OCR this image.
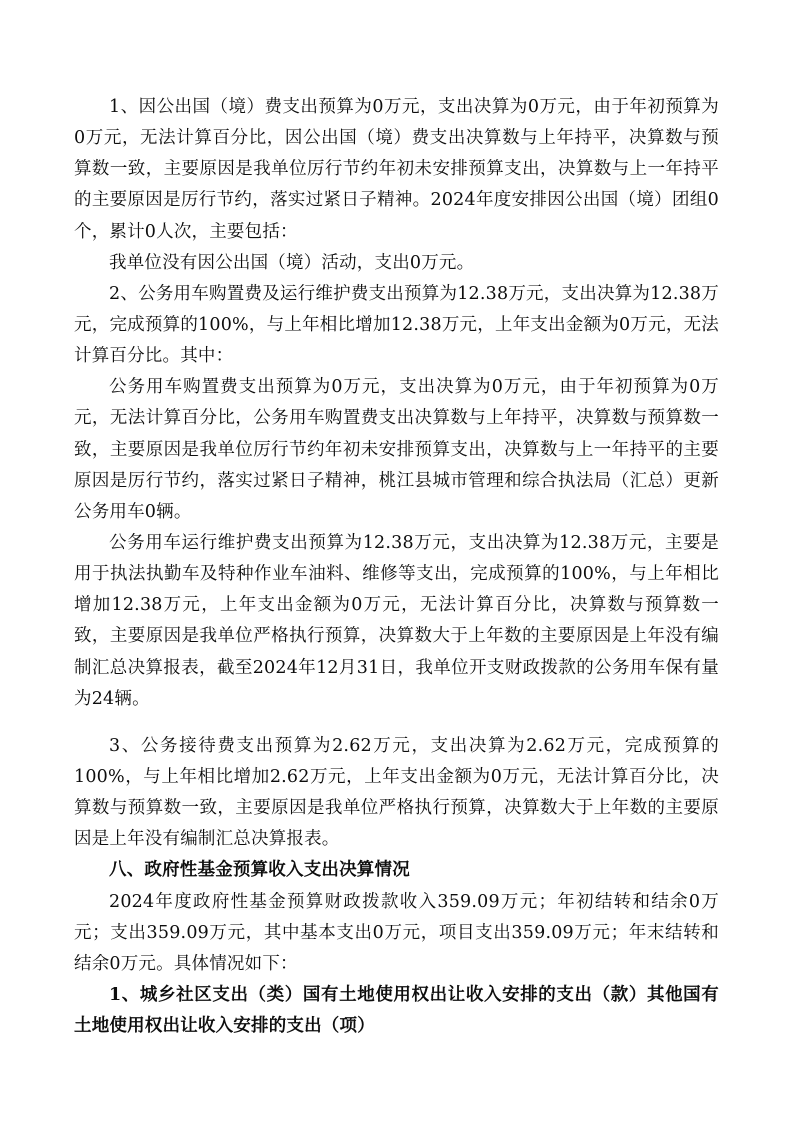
1、因公出国（境）费支出预算为0万元，支出决算为0万元，由于年初预算为0万元，无法计算百分比，因公出国（境）费支出决算数与上年持平，决算数与预算数一致，主要原因是我单位厉行节约年初未安排预算支出，决算数与上一年持平的主要原因是厉行节约，落实过紧日子精神。2024年度安排因公出国（境）团组0个，累计0人次，主要包括：

我单位没有因公出国（境）活动，支出0万元。

2、公务用车购置费及运行维护费支出预算为12.38万元，支出决算为12.38万元，完成预算的100%，与上年相比增加12.38万元，上年支出金额为0万元，无法计算百分比。其中：

公务用车购置费支出预算为0万元，支出决算为0万元，由于年初预算为0万元，无法计算百分比，公务用车购置费支出决算数与上年持平，决算数与预算数一致，主要原因是我单位厉行节约年初未安排预算支出，决算数与上一年持平的主要原因是厉行节约，落实过紧日子精神，桃江县城市管理和综合执法局（汇总）更新公务用车0辆。

公务用车运行维护费支出预算为12.38万元，支出决算为12.38万元，主要是用于执法执勤车及特种作业车油料、维修等支出，完成预算的100%，与上年相比增加12.38万元，上年支出金额为0万元，无法计算百分比，决算数与预算数一致，主要原因是我单位严格执行预算，决算数大于上年数的主要原因是上年没有编制汇总决算报表，截至2024年12月31日，我单位开支财政拨款的公务用车保有量为24辆。

3、公务接待费支出预算为2.62万元，支出决算为2.62万元，完成预算的100%，与上年相比增加2.62万元，上年支出金额为0万元，无法计算百分比，决算数与预算数一致，主要原因是我单位严格执行预算，决算数大于上年数的主要原因是上年没有编制汇总决算报表。

八、政府性基金预算收入支出决算情况

2024年度政府性基金预算财政拨款收入359.09万元；年初结转和结余0万元；支出359.09万元，其中基本支出0万元，项目支出359.09万元；年末结转和结余0万元。具体情况如下：

1、城乡社区支出（类）国有土地使用权出让收入安排的支出（款）其他国有土地使用权出让收入安排的支出（项）
